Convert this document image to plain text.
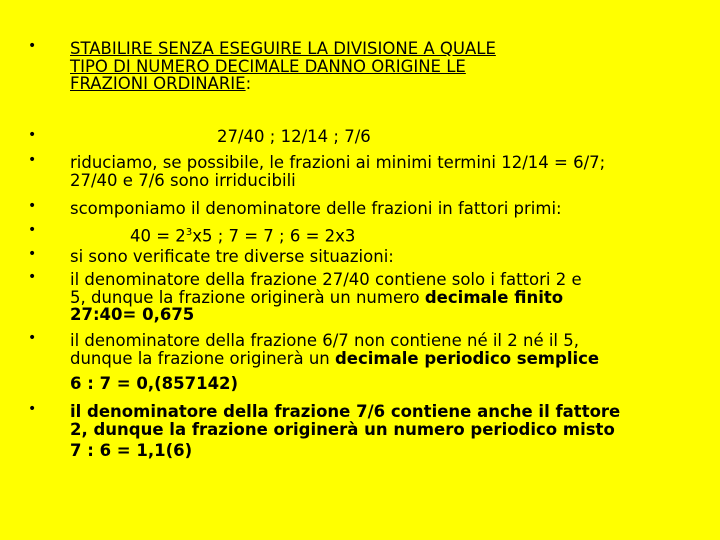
• STABILIRE SENZA ESEGUIRE LA DIVISIONE A QUALE
TIPO DI NUMERO DECIMALE DANNO ORIGINE LE
FRAZIONI ORDINARIE:
•	27/40 ; 12/14 ; 7/6
• riduciamo, se possibile, le frazioni ai minimi termini 12/14 = 6/7;
27/40 e 7/6 sono irriducibili
• scomponiamo il denominatore delle frazioni in fattori primi:
•	$40 = 2^3x5$ ; 7 = 7 ; 6 = 2x3
• si sono verificate tre diverse situazioni:
• il denominatore della frazione 27/40 contiene solo i fattori 2 e
5, dunque la frazione originerà un numero decimale finito
27:40= 0,675
• il denominatore della frazione 6/7 non contiene né il 2 né il 5,
dunque la frazione originerà un decimale periodico semplice
6 : 7 = 0,(857142)
• il denominatore della frazione 7/6 contiene anche il fattore
2, dunque la frazione originerà un numero periodico misto
7 : 6 = 1,1(6)
